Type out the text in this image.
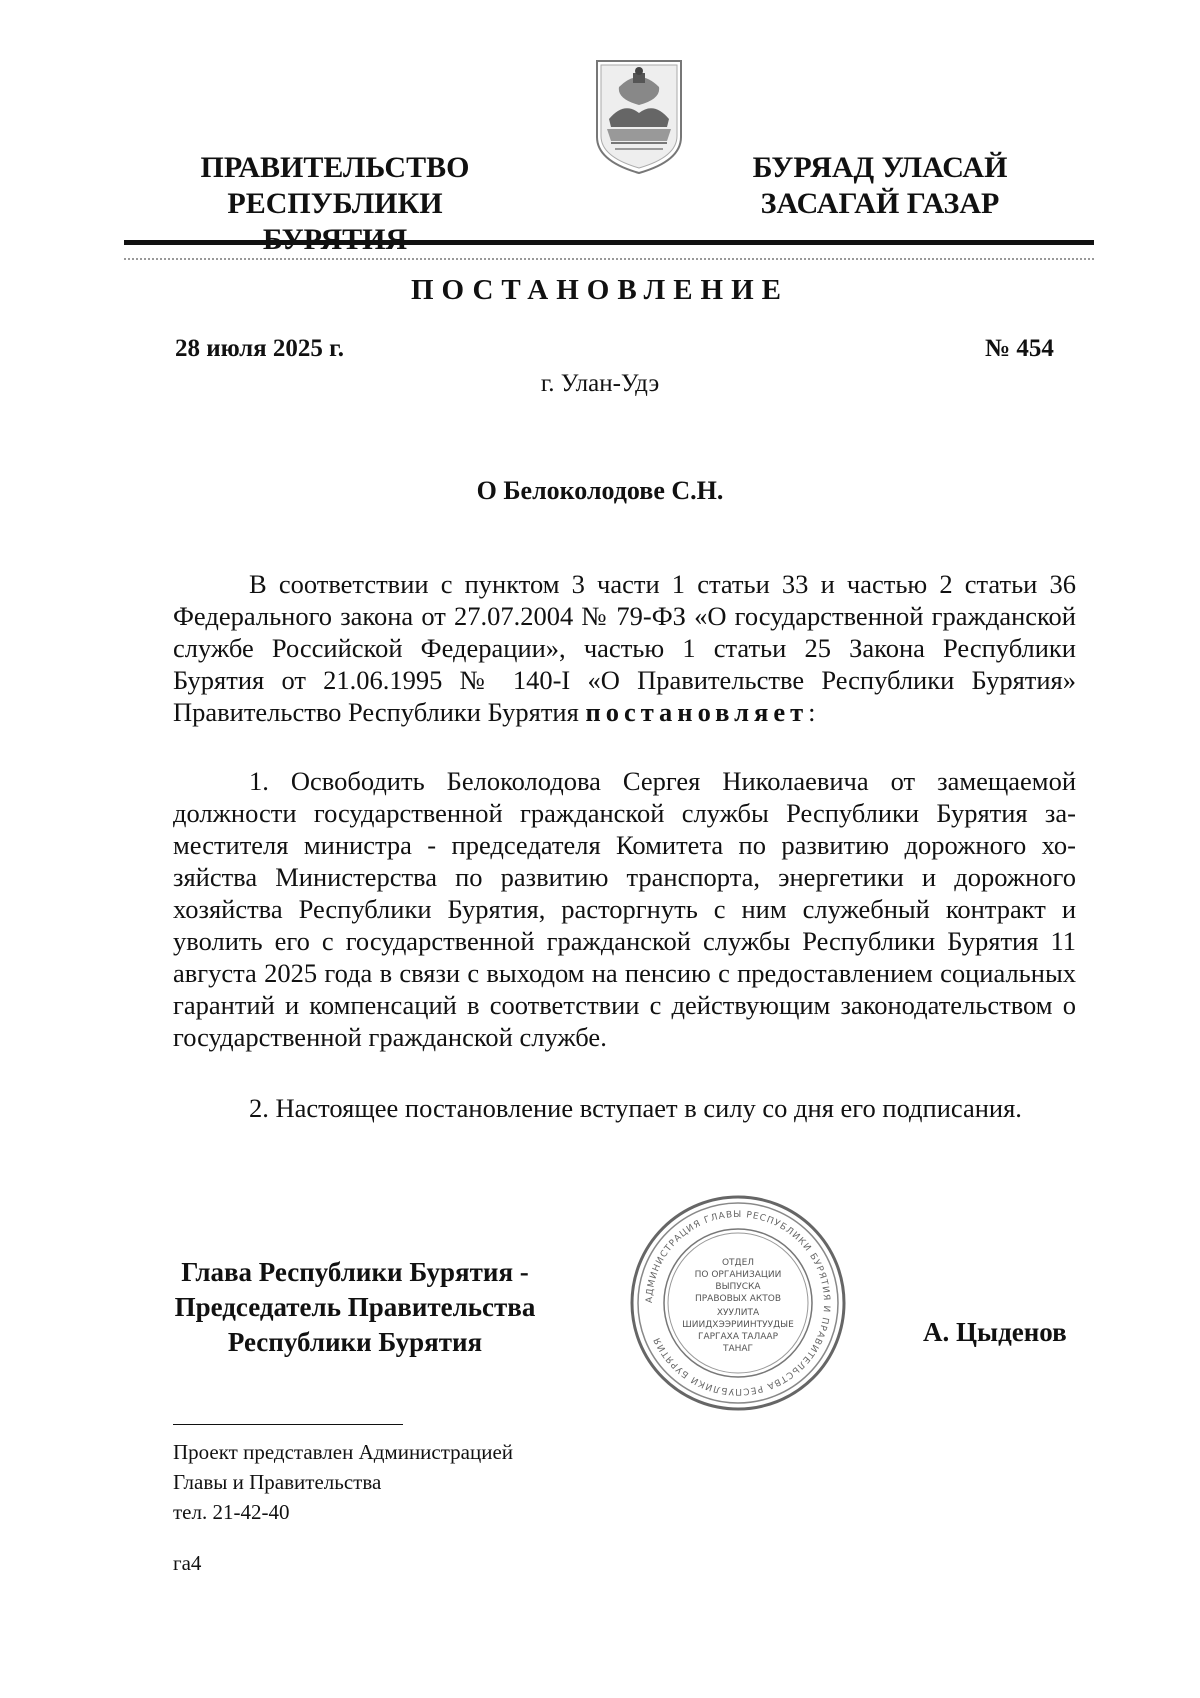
ПРАВИТЕЛЬСТВО
РЕСПУБЛИКИ
БУРЯАД УЛАСАЙ
ЗАСАГАЙ ГАЗАР
ПОСТАНОВЛЕНИЕ
28 июля 2025 г.	№ 454
г. Улан-Удэ
О Белоколодове С.Н.

В соответствии с пунктом 3 части 1 статьи 33 и частью 2 статьи 36 Федерального закона от 27.07.2004 № 79-ФЗ «О государственной гражданской службе Российской Федерации», частью 1 статьи 25 Закона Республики Бурятия от 21.06.1995 № 140-I «О Правительстве Республики Бурятия» Правительство Республики Бурятия постановляет:

1. Освободить Белоколодова Сергея Николаевича от замещаемой должности государственной гражданской службы Республики Бурятия заместителя министра - председателя Комитета по развитию дорожного хозяйства Министерства по развитию транспорта, энергетики и дорожного хозяйства Республики Бурятия, расторгнуть с ним служебный контракт и уволить его с государственной гражданской службы Республики Бурятия 11 августа 2025 года в связи с выходом на пенсию с предоставлением социальных гарантий и компенсаций в соответствии с действующим законодательством о государственной гражданской службе.

2. Настоящее постановление вступает в силу со дня его подписания.

Глава Республики Бурятия -
Председатель Правительства
Республики Бурятия
АДМИНИСТРАЦИЯ ГЛАВЫ РЕСПУБЛИКИ БУРЯТИЯ И ПРАВИТЕЛЬСТВА РЕСПУБЛИКИ БУРЯТИЯ
ОТДЕЛ
ПО ОРГАНИЗАЦИИ
ВЫПУСКА
ПРАВОВЫХ АКТОВ
ХУУЛИТА
ШИИДХЭЭРИИНТУУДЫЕ
ГАРГАХА ТАЛААР
ТАНАГ
А. Цыденов
Проект представлен Администрацией
Главы и Правительства
тел. 21-42-40
га4
